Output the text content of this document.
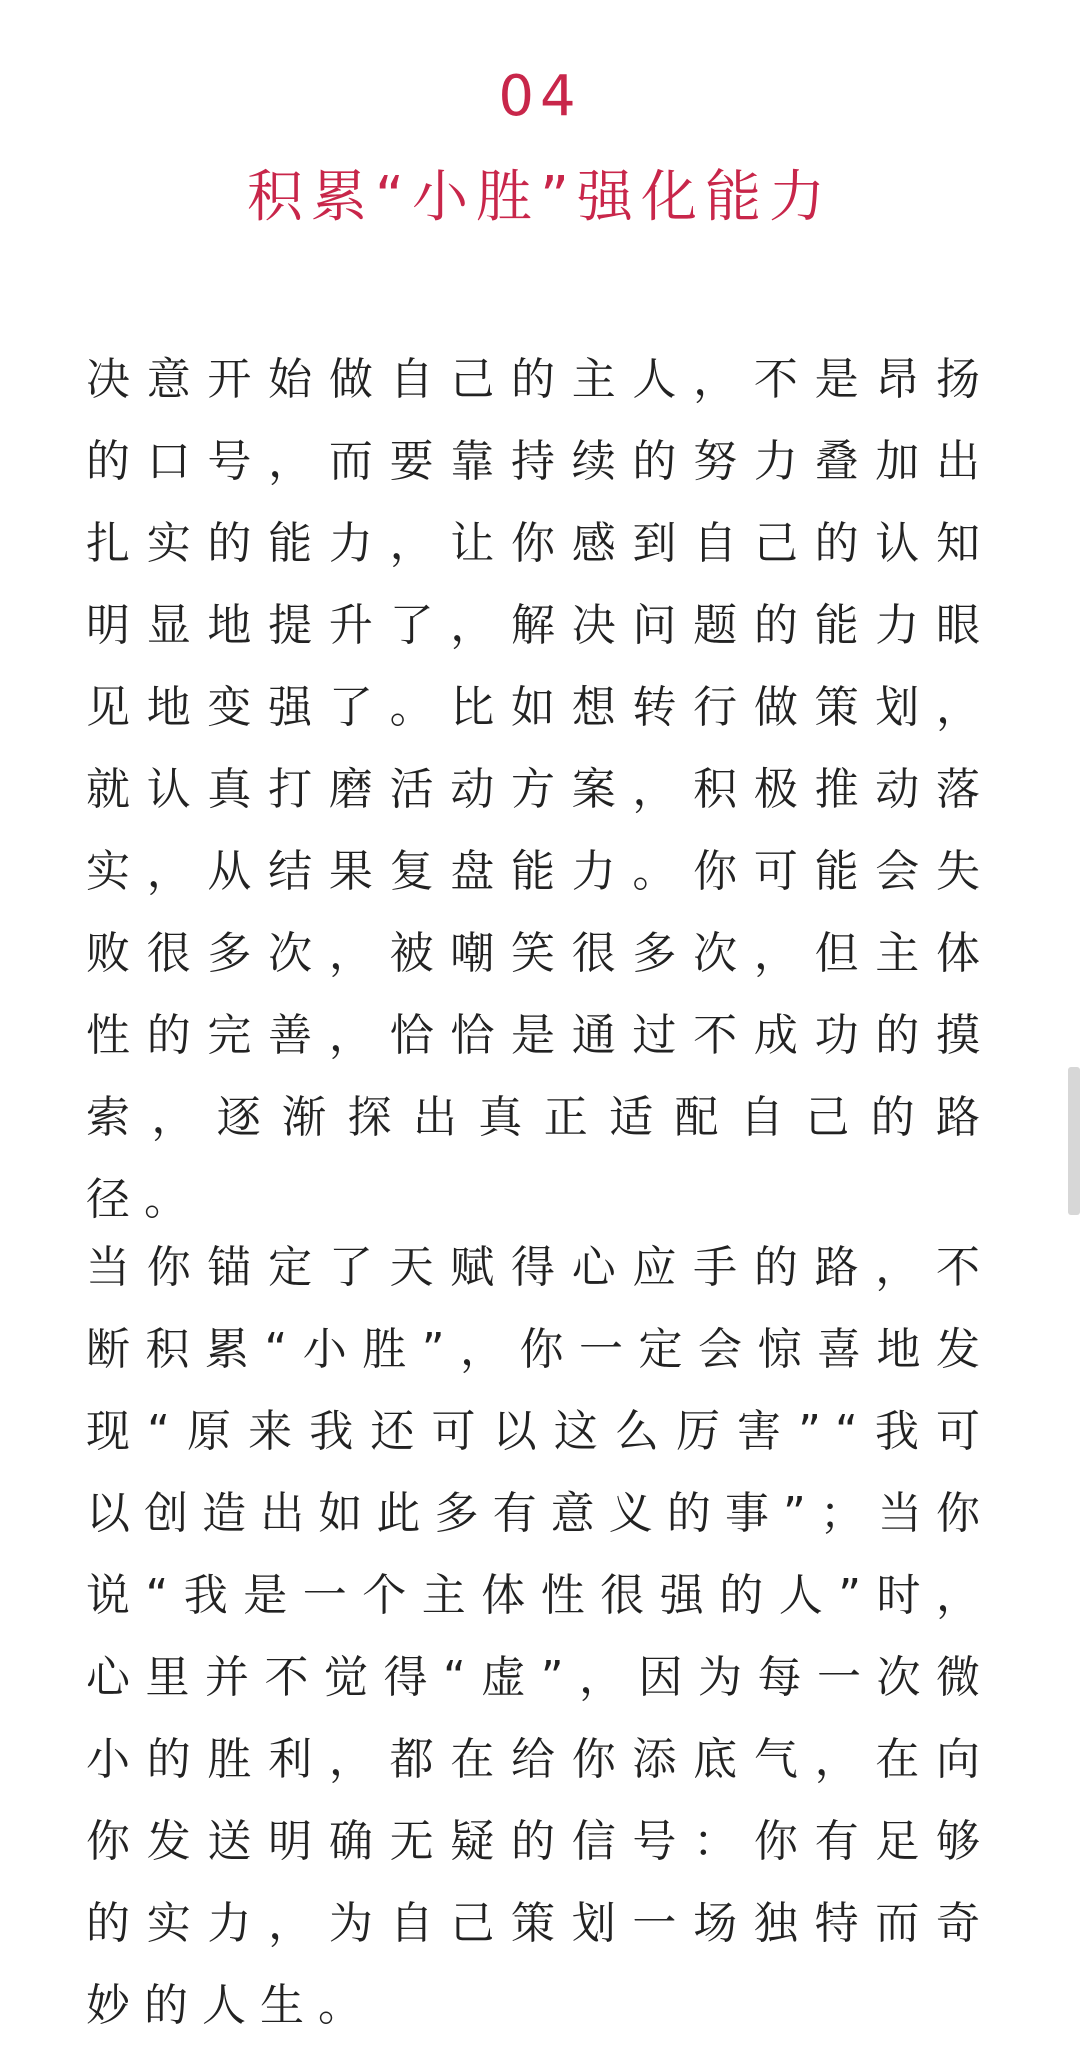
04
积累“小胜”强化能力

决意开始做自己的主人，不是昂扬的口号，而要靠持续的努力叠加出扎实的能力，让你感到自己的认知明显地提升了，解决问题的能力眼见地变强了。比如想转行做策划，就认真打磨活动方案，积极推动落实，从结果复盘能力。你可能会失败很多次，被嘲笑很多次，但主体性的完善，恰恰是通过不成功的摸索，逐渐探出真正适配自己的路径。

当你锚定了天赋得心应手的路，不断积累“小胜”，你一定会惊喜地发现“原来我还可以这么厉害”“我可以创造出如此多有意义的事”；当你说“我是一个主体性很强的人”时，心里并不觉得“虚”，因为每一次微小的胜利，都在给你添底气，在向你发送明确无疑的信号：你有足够的实力，为自己策划一场独特而奇妙的人生。
